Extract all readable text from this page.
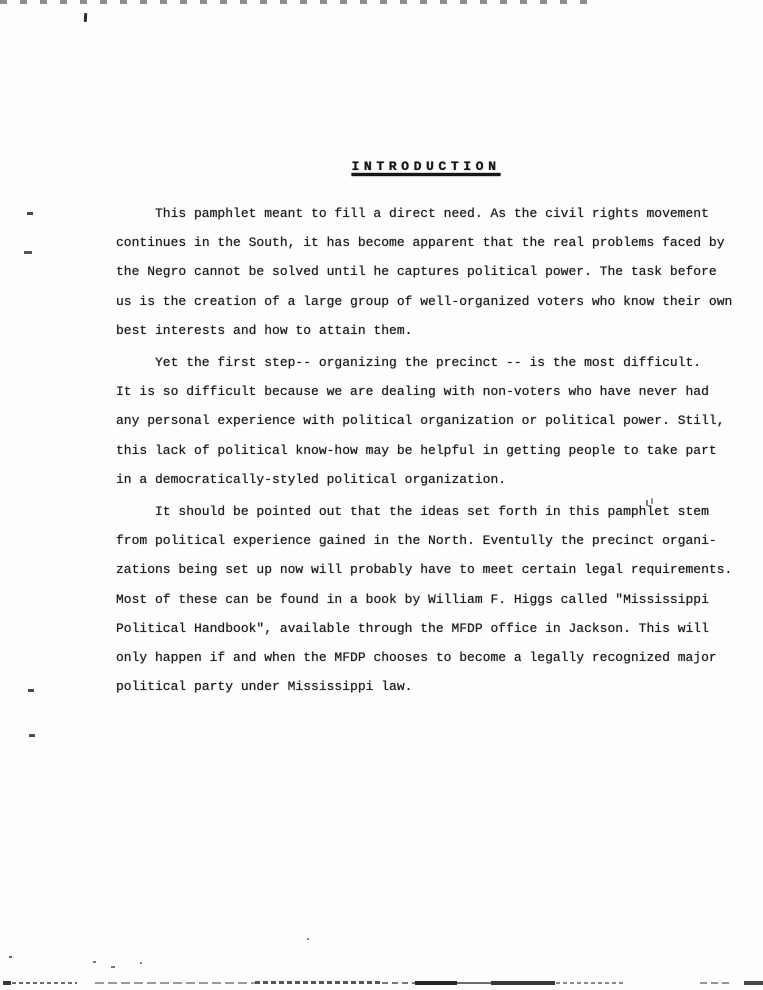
INTRODUCTION

This pamphlet meant to fill a direct need. As the civil rights movement
continues in the South, it has become apparent that the real problems faced by
the Negro cannot be solved until he captures political power. The task before
us is the creation of a large group of well-organized voters who know their own
best interests and how to attain them.

Yet the first step-- organizing the precinct -- is the most difficult.
It is so difficult because we are dealing with non-voters who have never had
any personal experience with political organization or political power. Still,
this lack of political know-how may be helpful in getting people to take part
in a democratically-styled political organization.

It should be pointed out that the ideas set forth in this pamphlet stem
from political experience gained in the North. Eventully the precinct organi-
zations being set up now will probably have to meet certain legal requirements.
Most of these can be found in a book by William F. Higgs called "Mississippi
Political Handbook", available through the MFDP office in Jackson. This will
only happen if and when the MFDP chooses to become a legally recognized major
political party under Mississippi law.
